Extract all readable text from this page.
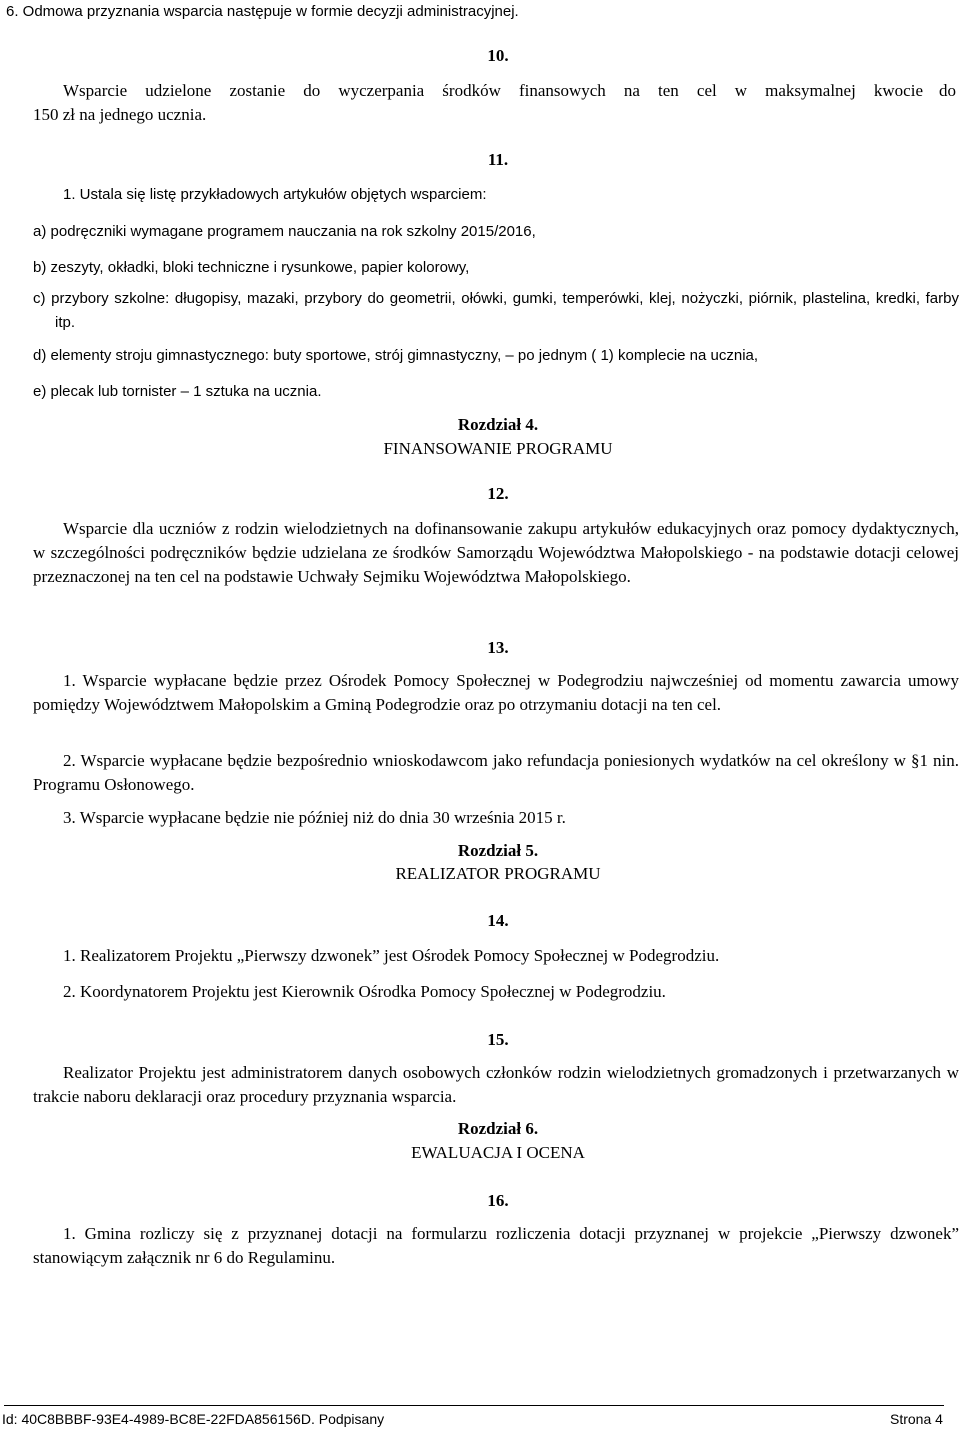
6. Odmowa przyznania wsparcia następuje w formie decyzji administracyjnej.
10.
Wsparcie udzielone zostanie do wyczerpania środków finansowych na ten cel w maksymalnej kwocie do
150 zł na jednego ucznia.
11.
1. Ustala się listę przykładowych artykułów objętych wsparciem:
a) podręczniki wymagane programem nauczania na rok szkolny 2015/2016,
b) zeszyty, okładki, bloki techniczne i rysunkowe, papier kolorowy,
c) przybory szkolne: długopisy, mazaki, przybory do geometrii, ołówki, gumki, temperówki, klej, nożyczki, piórnik, plastelina, kredki, farby itp.
d) elementy stroju gimnastycznego: buty sportowe, strój gimnastyczny, – po jednym ( 1) komplecie na ucznia,
e) plecak lub tornister – 1 sztuka na ucznia.
Rozdział 4.
FINANSOWANIE PROGRAMU
12.
Wsparcie dla uczniów z rodzin wielodzietnych na dofinansowanie zakupu artykułów edukacyjnych oraz pomocy dydaktycznych, w szczególności podręczników będzie udzielana ze środków Samorządu Województwa Małopolskiego - na podstawie dotacji celowej przeznaczonej na ten cel na podstawie Uchwały Sejmiku Województwa Małopolskiego.
13.
1. Wsparcie wypłacane będzie przez Ośrodek Pomocy Społecznej w Podegrodziu najwcześniej od momentu zawarcia umowy pomiędzy Województwem Małopolskim a Gminą Podegrodzie oraz po otrzymaniu dotacji na ten cel.
2. Wsparcie wypłacane będzie bezpośrednio wnioskodawcom jako refundacja poniesionych wydatków na cel określony w §1 nin. Programu Osłonowego.
3. Wsparcie wypłacane będzie nie później niż do dnia 30 września 2015 r.
Rozdział 5.
REALIZATOR PROGRAMU
14.
1. Realizatorem Projektu „Pierwszy dzwonek” jest Ośrodek Pomocy Społecznej w Podegrodziu.
2. Koordynatorem Projektu jest Kierownik Ośrodka Pomocy Społecznej w Podegrodziu.
15.
Realizator Projektu jest administratorem danych osobowych członków rodzin wielodzietnych gromadzonych i przetwarzanych w trakcie naboru deklaracji oraz procedury przyznania wsparcia.
Rozdział 6.
EWALUACJA I OCENA
16.
1. Gmina rozliczy się z przyznanej dotacji na formularzu rozliczenia dotacji przyznanej w projekcie „Pierwszy dzwonek” stanowiącym załącznik nr 6 do Regulaminu.
Id: 40C8BBBF-93E4-4989-BC8E-22FDA856156D. Podpisany	Strona 4
